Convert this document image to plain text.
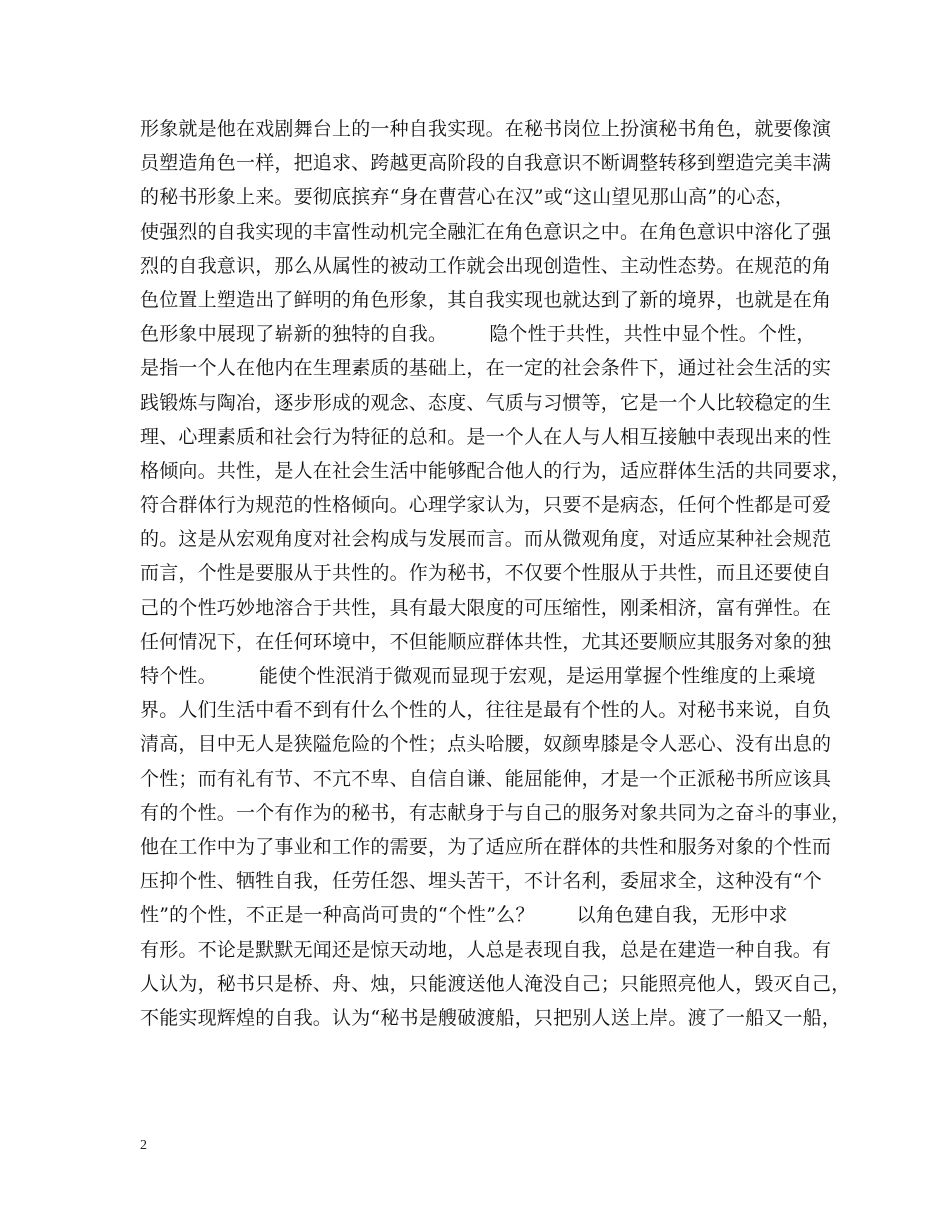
形象就是他在戏剧舞台上的一种自我实现。在秘书岗位上扮演秘书角色，就要像演
员塑造角色一样，把追求、跨越更高阶段的自我意识不断调整转移到塑造完美丰满
的秘书形象上来。要彻底摈弃“身在曹营心在汉”或“这山望见那山高”的心态，
使强烈的自我实现的丰富性动机完全融汇在角色意识之中。在角色意识中溶化了强
烈的自我意识，那么从属性的被动工作就会出现创造性、主动性态势。在规范的角
色位置上塑造出了鲜明的角色形象，其自我实现也就达到了新的境界，也就是在角
色形象中展现了崭新的独特的自我。 隐个性于共性，共性中显个性。个性，
是指一个人在他内在生理素质的基础上，在一定的社会条件下，通过社会生活的实
践锻炼与陶冶，逐步形成的观念、态度、气质与习惯等，它是一个人比较稳定的生
理、心理素质和社会行为特征的总和。是一个人在人与人相互接触中表现出来的性
格倾向。共性，是人在社会生活中能够配合他人的行为，适应群体生活的共同要求，
符合群体行为规范的性格倾向。心理学家认为，只要不是病态，任何个性都是可爱
的。这是从宏观角度对社会构成与发展而言。而从微观角度，对适应某种社会规范
而言，个性是要服从于共性的。作为秘书，不仅要个性服从于共性，而且还要使自
己的个性巧妙地溶合于共性，具有最大限度的可压缩性，刚柔相济，富有弹性。在
任何情况下，在任何环境中，不但能顺应群体共性，尤其还要顺应其服务对象的独
特个性。 能使个性泯消于微观而显现于宏观，是运用掌握个性维度的上乘境
界。人们生活中看不到有什么个性的人，往往是最有个性的人。对秘书来说，自负
清高，目中无人是狭隘危险的个性；点头哈腰，奴颜卑膝是令人恶心、没有出息的
个性；而有礼有节、不亢不卑、自信自谦、能屈能伸，才是一个正派秘书所应该具
有的个性。一个有作为的秘书，有志献身于与自己的服务对象共同为之奋斗的事业，
他在工作中为了事业和工作的需要，为了适应所在群体的共性和服务对象的个性而
压抑个性、牺牲自我，任劳任怨、埋头苦干，不计名利，委屈求全，这种没有“个
性”的个性，不正是一种高尚可贵的“个性”么？ 以角色建自我，无形中求
有形。不论是默默无闻还是惊天动地，人总是表现自我，总是在建造一种自我。有
人认为，秘书只是桥、舟、烛，只能渡送他人淹没自己；只能照亮他人，毁灭自己，
不能实现辉煌的自我。认为“秘书是艘破渡船，只把别人送上岸。渡了一船又一船，
2
